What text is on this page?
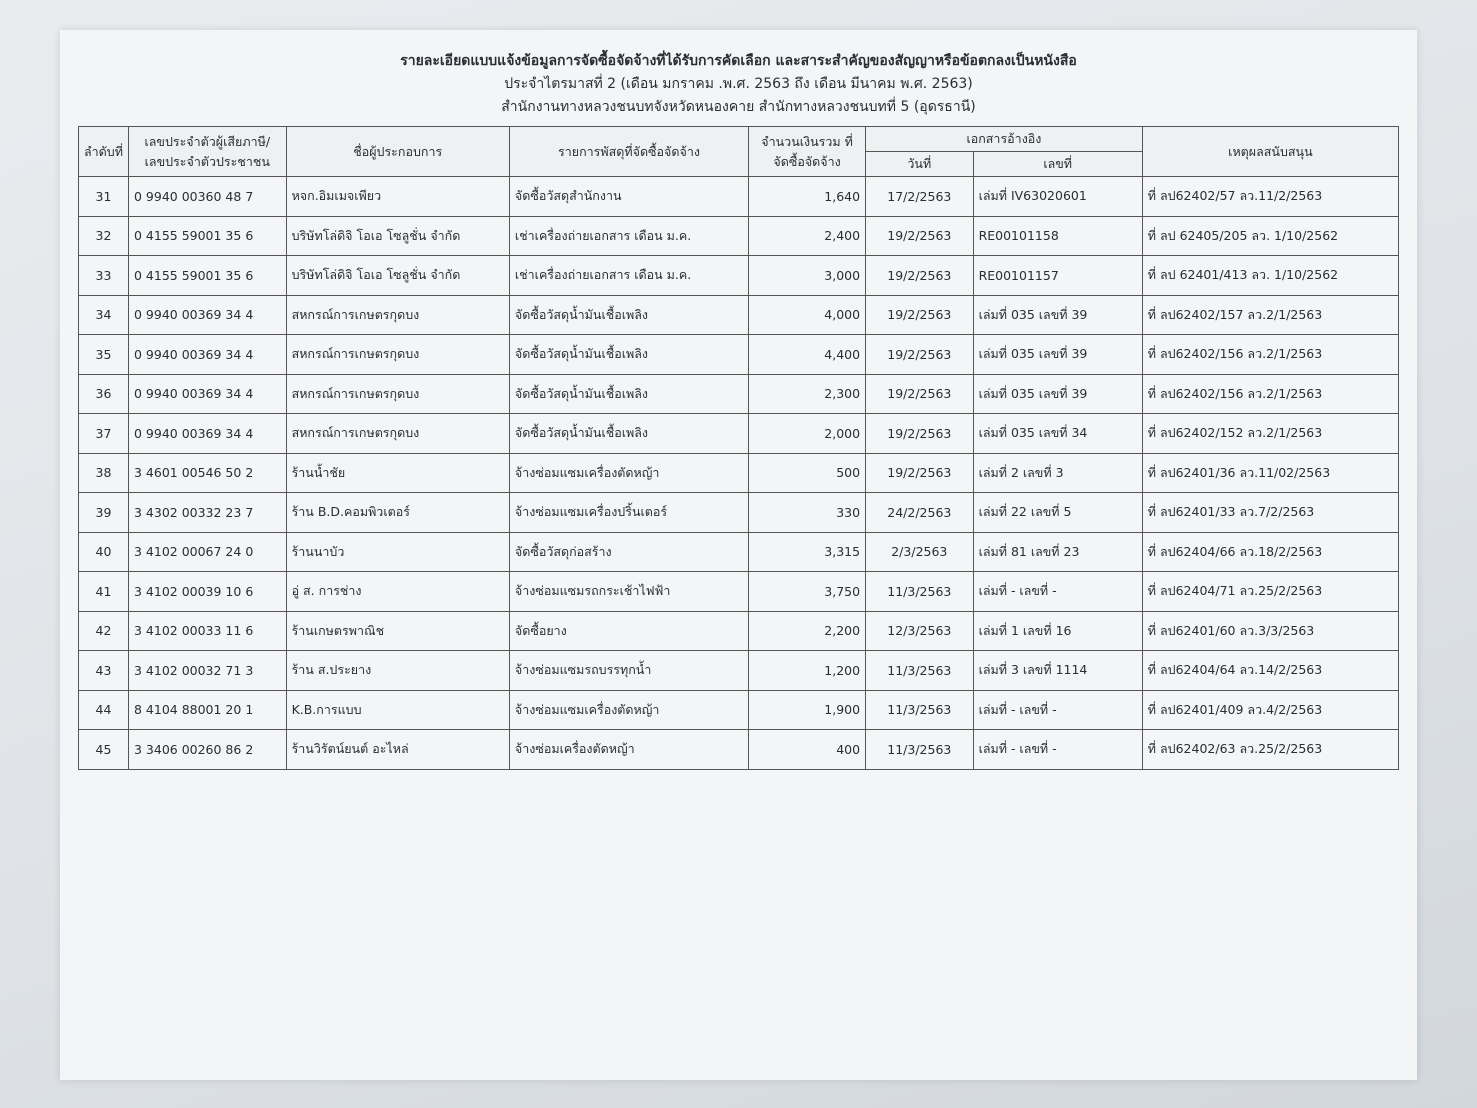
รายละเอียดแบบแจ้งข้อมูลการจัดซื้อจัดจ้างที่ได้รับการคัดเลือก และสาระสำคัญของสัญญาหรือข้อตกลงเป็นหนังสือ
ประจำไตรมาสที่ 2 (เดือน มกราคม .พ.ศ. 2563 ถึง เดือน มีนาคม พ.ศ. 2563)
สำนักงานทางหลวงชนบทจังหวัดหนองคาย สำนักทางหลวงชนบทที่ 5 (อุดรธานี)
ลำดับที่	เลขประจำตัวผู้เสียภาษี/ เลขประจำตัวประชาชน	ชื่อผู้ประกอบการ	รายการพัสดุที่จัดซื้อจัดจ้าง	จำนวนเงินรวม ที่จัดซื้อจัดจ้าง	เอกสารอ้างอิง		เหตุผลสนับสนุน
					วันที่	เลขที่	
31	0 9940 00360 48 7	หจก.อิมเมจเพียว	จัดซื้อวัสดุสำนักงาน	1,640	17/2/2563	เล่มที่ IV63020601	ที่ ลป62402/57 ลว.11/2/2563
32	0 4155 59001 35 6	บริษัทโล่ดิจิ โอเอ โซลูชั่น จำกัด	เช่าเครื่องถ่ายเอกสาร เดือน ม.ค.	2,400	19/2/2563	RE00101158	ที่ ลป 62405/205 ลว. 1/10/2562
33	0 4155 59001 35 6	บริษัทโล่ดิจิ โอเอ โซลูชั่น จำกัด	เช่าเครื่องถ่ายเอกสาร เดือน ม.ค.	3,000	19/2/2563	RE00101157	ที่ ลป 62401/413 ลว. 1/10/2562
34	0 9940 00369 34 4	สหกรณ์การเกษตรกุดบง	จัดซื้อวัสดุน้ำมันเชื้อเพลิง	4,000	19/2/2563	เล่มที่ 035 เลขที่ 39	ที่ ลป62402/157 ลว.2/1/2563
35	0 9940 00369 34 4	สหกรณ์การเกษตรกุดบง	จัดซื้อวัสดุน้ำมันเชื้อเพลิง	4,400	19/2/2563	เล่มที่ 035 เลขที่ 39	ที่ ลป62402/156 ลว.2/1/2563
36	0 9940 00369 34 4	สหกรณ์การเกษตรกุดบง	จัดซื้อวัสดุน้ำมันเชื้อเพลิง	2,300	19/2/2563	เล่มที่ 035 เลขที่ 39	ที่ ลป62402/156 ลว.2/1/2563
37	0 9940 00369 34 4	สหกรณ์การเกษตรกุดบง	จัดซื้อวัสดุน้ำมันเชื้อเพลิง	2,000	19/2/2563	เล่มที่ 035 เลขที่ 34	ที่ ลป62402/152 ลว.2/1/2563
38	3 4601 00546 50 2	ร้านน้ำชัย	จ้างซ่อมแซมเครื่องตัดหญ้า	500	19/2/2563	เล่มที่ 2 เลขที่ 3	ที่ ลป62401/36 ลว.11/02/2563
39	3 4302 00332 23 7	ร้าน B.D.คอมพิวเตอร์	จ้างซ่อมแซมเครื่องปริ้นเตอร์	330	24/2/2563	เล่มที่ 22 เลขที่ 5	ที่ ลป62401/33 ลว.7/2/2563
40	3 4102 00067 24 0	ร้านนาบัว	จัดซื้อวัสดุก่อสร้าง	3,315	2/3/2563	เล่มที่ 81 เลขที่ 23	ที่ ลป62404/66 ลว.18/2/2563
41	3 4102 00039 10 6	อู่ ส. การช่าง	จ้างซ่อมแซมรถกระเช้าไฟฟ้า	3,750	11/3/2563	เล่มที่ - เลขที่ -	ที่ ลป62404/71 ลว.25/2/2563
42	3 4102 00033 11 6	ร้านเกษตรพาณิช	จัดซื้อยาง	2,200	12/3/2563	เล่มที่ 1 เลขที่ 16	ที่ ลป62401/60 ลว.3/3/2563
43	3 4102 00032 71 3	ร้าน ส.ประยาง	จ้างซ่อมแซมรถบรรทุกน้ำ	1,200	11/3/2563	เล่มที่ 3 เลขที่ 1114	ที่ ลป62404/64 ลว.14/2/2563
44	8 4104 88001 20 1	K.B.การแบบ	จ้างซ่อมแซมเครื่องตัดหญ้า	1,900	11/3/2563	เล่มที่ - เลขที่ -	ที่ ลป62401/409 ลว.4/2/2563
45	3 3406 00260 86 2	ร้านวิรัตน์ยนต์ อะไหล่	จ้างซ่อมเครื่องตัดหญ้า	400	11/3/2563	เล่มที่ - เลขที่ -	ที่ ลป62402/63 ลว.25/2/2563
